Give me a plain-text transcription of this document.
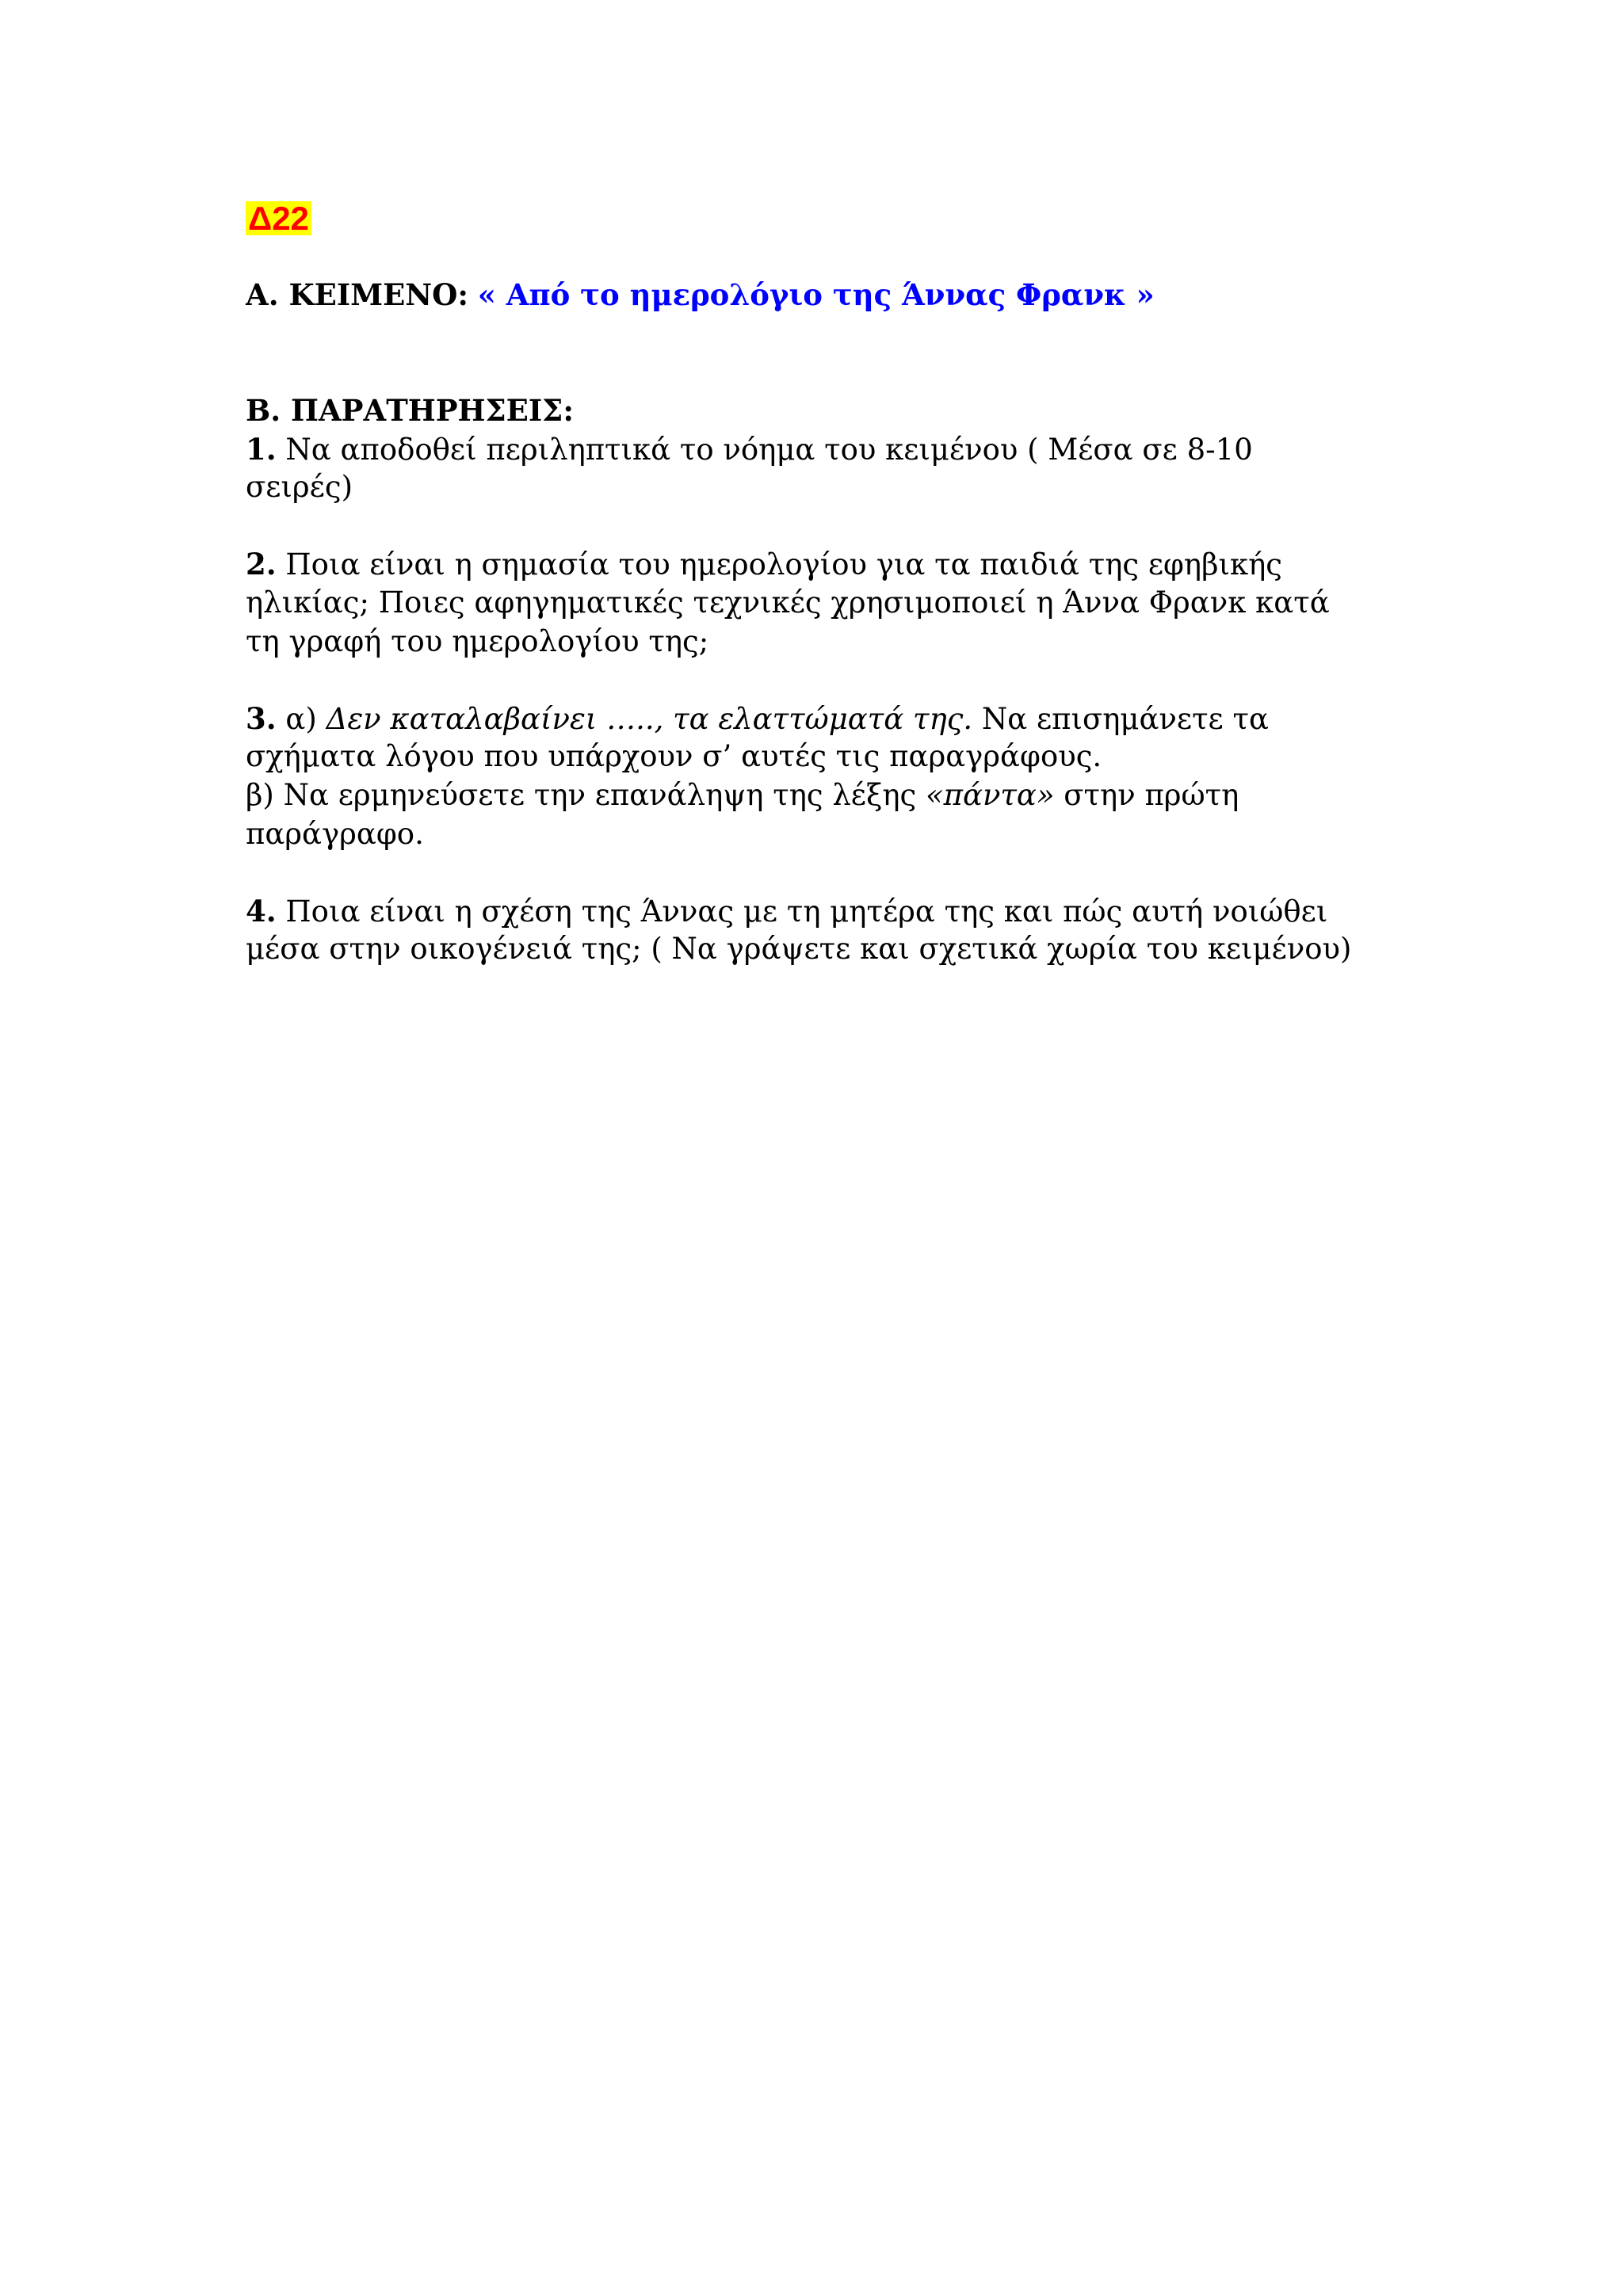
Δ22
Α. ΚΕΙΜΕΝΟ: « Από το ημερολόγιο της Άννας Φρανκ »
Β. ΠΑΡΑΤΗΡΗΣΕΙΣ:
1. Να αποδοθεί περιληπτικά το νόημα του κειμένου ( Μέσα σε 8-10
σειρές)
2. Ποια είναι η σημασία του ημερολογίου για τα παιδιά της εφηβικής
ηλικίας; Ποιες αφηγηματικές τεχνικές χρησιμοποιεί η Άννα Φρανκ κατά
τη γραφή του ημερολογίου της;
3. α) Δεν καταλαβαίνει ….., τα ελαττώματά της. Να επισημάνετε τα
σχήματα λόγου που υπάρχουν σ’ αυτές τις παραγράφους.
β) Να ερμηνεύσετε την επανάληψη της λέξης «πάντα» στην πρώτη
παράγραφο.
4. Ποια είναι η σχέση της Άννας με τη μητέρα της και πώς αυτή νοιώθει
μέσα στην οικογένειά της; ( Να γράψετε και σχετικά χωρία του κειμένου)
